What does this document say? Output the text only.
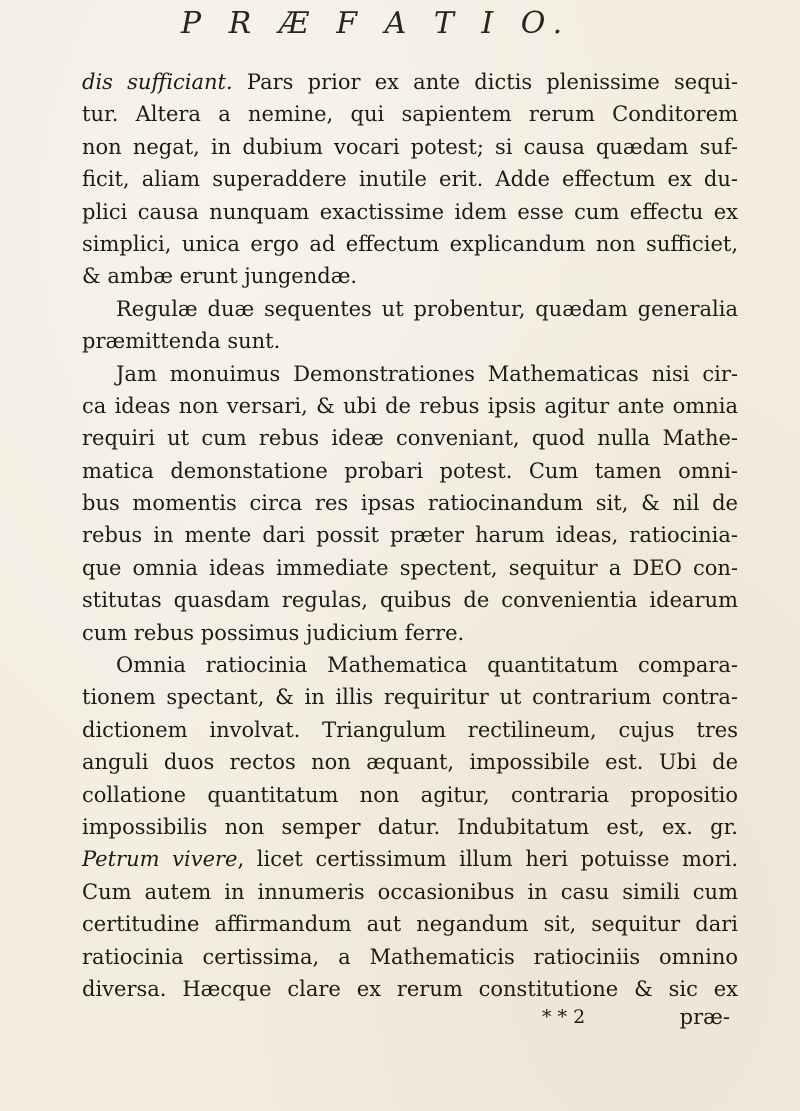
P R Æ F A T I O.
dis sufficiant. Pars prior ex ante dictis plenissime sequi-
tur. Altera a nemine, qui sapientem rerum Conditorem
non negat, in dubium vocari potest; si causa quædam suf-
ficit, aliam superaddere inutile erit. Adde effectum ex du-
plici causa nunquam exactissime idem esse cum effectu ex
simplici, unica ergo ad effectum explicandum non sufficiet,
& ambæ erunt jungendæ.
Regulæ duæ sequentes ut probentur, quædam generalia
præmittenda sunt.
Jam monuimus Demonstrationes Mathematicas nisi cir-
ca ideas non versari, & ubi de rebus ipsis agitur ante omnia
requiri ut cum rebus ideæ conveniant, quod nulla Mathe-
matica demonstatione probari potest. Cum tamen omni-
bus momentis circa res ipsas ratiocinandum sit, & nil de
rebus in mente dari possit præter harum ideas, ratiocinia-
que omnia ideas immediate spectent, sequitur a DEO con-
stitutas quasdam regulas, quibus de convenientia idearum
cum rebus possimus judicium ferre.
Omnia ratiocinia Mathematica quantitatum compara-
tionem spectant, & in illis requiritur ut contrarium contra-
dictionem involvat. Triangulum rectilineum, cujus tres
anguli duos rectos non æquant, impossibile est. Ubi de
collatione quantitatum non agitur, contraria propositio
impossibilis non semper datur. Indubitatum est, ex. gr.
Petrum vivere, licet certissimum illum heri potuisse mori.
Cum autem in innumeris occasionibus in casu simili cum
certitudine affirmandum aut negandum sit, sequitur dari
ratiocinia certissima, a Mathematicis ratiociniis omnino
diversa. Hæcque clare ex rerum constitutione & sic ex
* * 2	præ-
